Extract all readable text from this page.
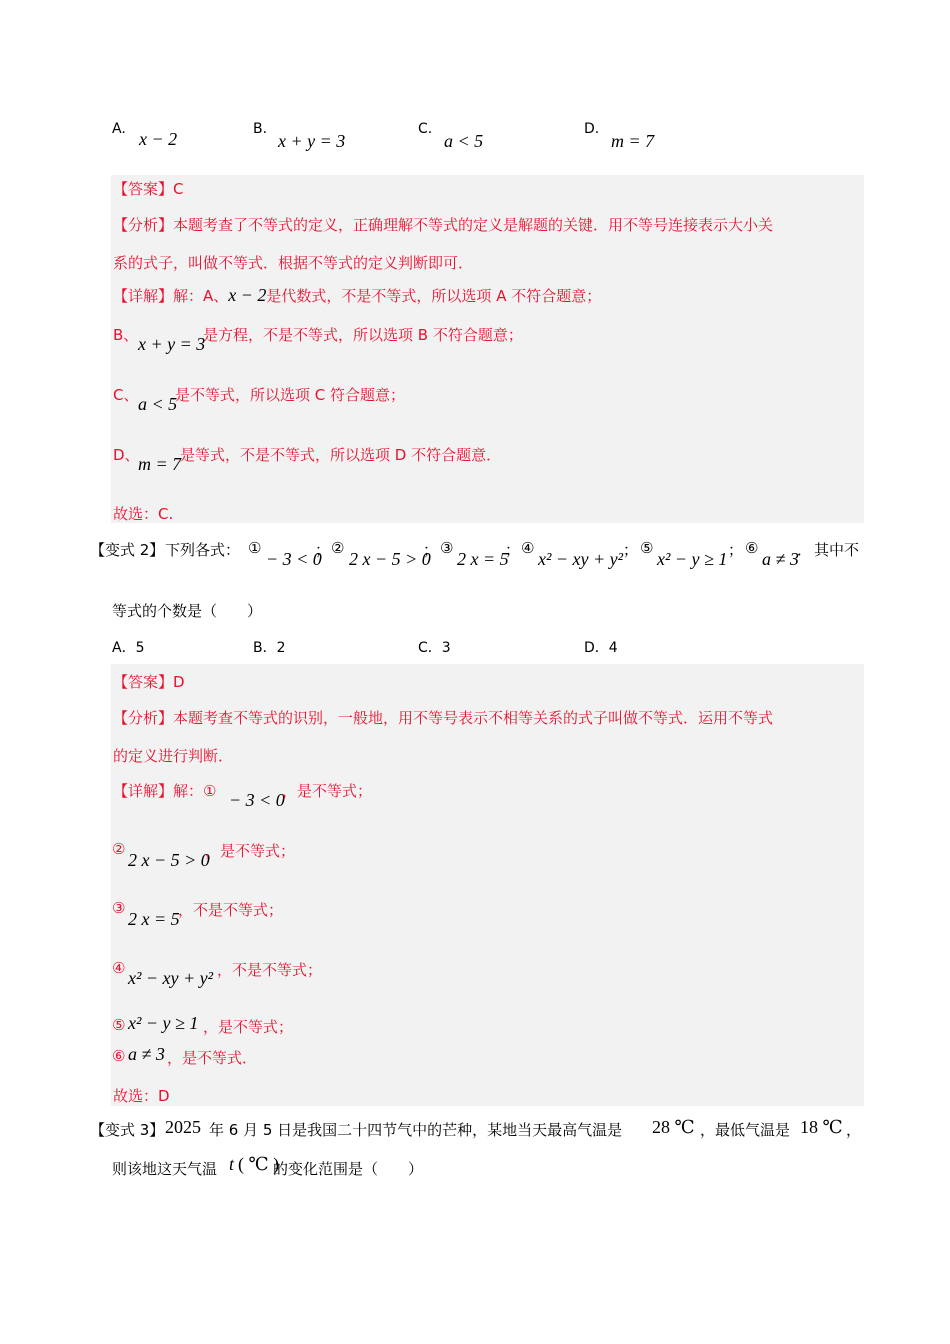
A. x − 2	B.
x + y = 3
C.
a < 5
D.
m = 7
【答案】C
【分析】本题考查了不等式的定义，正确理解不等式的定义是解题的关键．用不等号连接表示大小关
系的式子，叫做不等式．根据不等式的定义判断即可．
【详解】解：A、x − 2是代数式，不是不等式，所以选项 A 不符合题意；
B、 x + y = 3
是方程，不是不等式，所以选项 B 不符合题意；
C、 a < 5
是不等式，所以选项 C 符合题意；
D、
m = 7
是等式，不是不等式，所以选项 D 不符合题意．
故选：C.
【变式 2】 下列各式： ①
− 3 < 0
； ②
2 x − 5 > 0
； ③
2 x = 5
； ④
x² − xy + y² ； ⑤
x² − y ≥ 1 ； ⑥
a ≠ 3
． 其中不
等式的个数是（　　）
A．5	B．2	C．3	D．4
【答案】D
【分析】本题考查不等式的识别，一般地，用不等号表示不相等关系的式子叫做不等式．运用不等式
的定义进行判断．
【详解】解：① − 3 < 0
，是不等式；
②
2 x − 5 > 0
，是不等式；
③
2 x = 5
，不是不等式；
④ x² − xy + y² ，不是不等式；
⑤ x² − y ≥ 1 ，是不等式；
⑥ a ≠ 3 ，是不等式．
故选：D
【变式 3】 2025 年 6 月 5 日是我国二十四节气中的芒种，某地当天最高气温是 28 ℃ ，最低气温是 18 ℃ ，
则该地这天气温 t ( ℃ )
的变化范围是（　　）
